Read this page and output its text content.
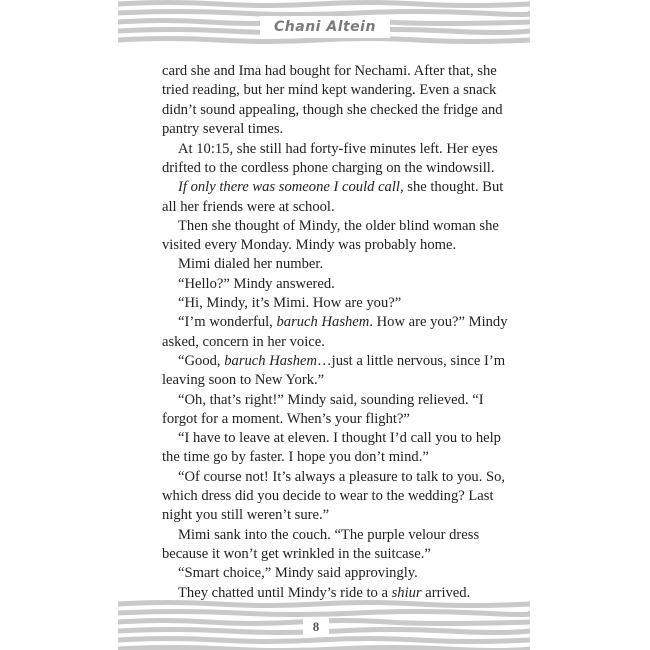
Chani Altein

card she and Ima had bought for Nechami. After that, she tried reading, but her mind kept wandering. Even a snack didn’t sound appealing, though she checked the fridge and pantry several times.

At 10:15, she still had forty-five minutes left. Her eyes drifted to the cordless phone charging on the windowsill.

If only there was someone I could call, she thought. But all her friends were at school.

Then she thought of Mindy, the older blind woman she visited every Monday. Mindy was probably home.

Mimi dialed her number.

“Hello?” Mindy answered.

“Hi, Mindy, it’s Mimi. How are you?”

“I’m wonderful, baruch Hashem. How are you?” Mindy asked, concern in her voice.

“Good, baruch Hashem…just a little nervous, since I’m leaving soon to New York.”

“Oh, that’s right!” Mindy said, sounding relieved. “I forgot for a moment. When’s your flight?”

“I have to leave at eleven. I thought I’d call you to help the time go by faster. I hope you don’t mind.”

“Of course not! It’s always a pleasure to talk to you. So, which dress did you decide to wear to the wedding? Last night you still weren’t sure.”

Mimi sank into the couch. “The purple velour dress because it won’t get wrinkled in the suitcase.”

“Smart choice,” Mindy said approvingly.

They chatted until Mindy’s ride to a shiur arrived.

8
